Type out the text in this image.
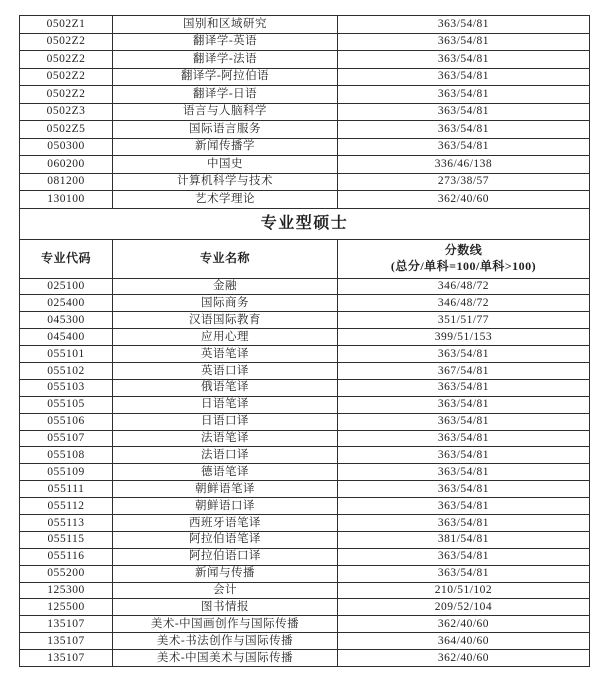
0502Z1	国别和区域研究	363/54/81
0502Z2	翻译学-英语	363/54/81
0502Z2	翻译学-法语	363/54/81
0502Z2	翻译学-阿拉伯语	363/54/81
0502Z2	翻译学-日语	363/54/81
0502Z3	语言与人脑科学	363/54/81
0502Z5	国际语言服务	363/54/81
050300	新闻传播学	363/54/81
060200	中国史	336/46/138
081200	计算机科学与技术	273/38/57
130100	艺术学理论	362/40/60
专业型硕士		
专业代码	专业名称	分数线
(总分/单科=100/单科>100)

025100	金融	346/48/72
025400	国际商务	346/48/72
045300	汉语国际教育	351/51/77
045400	应用心理	399/51/153
055101	英语笔译	363/54/81
055102	英语口译	367/54/81
055103	俄语笔译	363/54/81
055105	日语笔译	363/54/81
055106	日语口译	363/54/81
055107	法语笔译	363/54/81
055108	法语口译	363/54/81
055109	德语笔译	363/54/81
055111	朝鲜语笔译	363/54/81
055112	朝鲜语口译	363/54/81
055113	西班牙语笔译	363/54/81
055115	阿拉伯语笔译	381/54/81
055116	阿拉伯语口译	363/54/81
055200	新闻与传播	363/54/81
125300	会计	210/51/102
125500	图书情报	209/52/104
135107	美术-中国画创作与国际传播	362/40/60
135107	美术-书法创作与国际传播	364/40/60
135107	美术-中国美术与国际传播	362/40/60
